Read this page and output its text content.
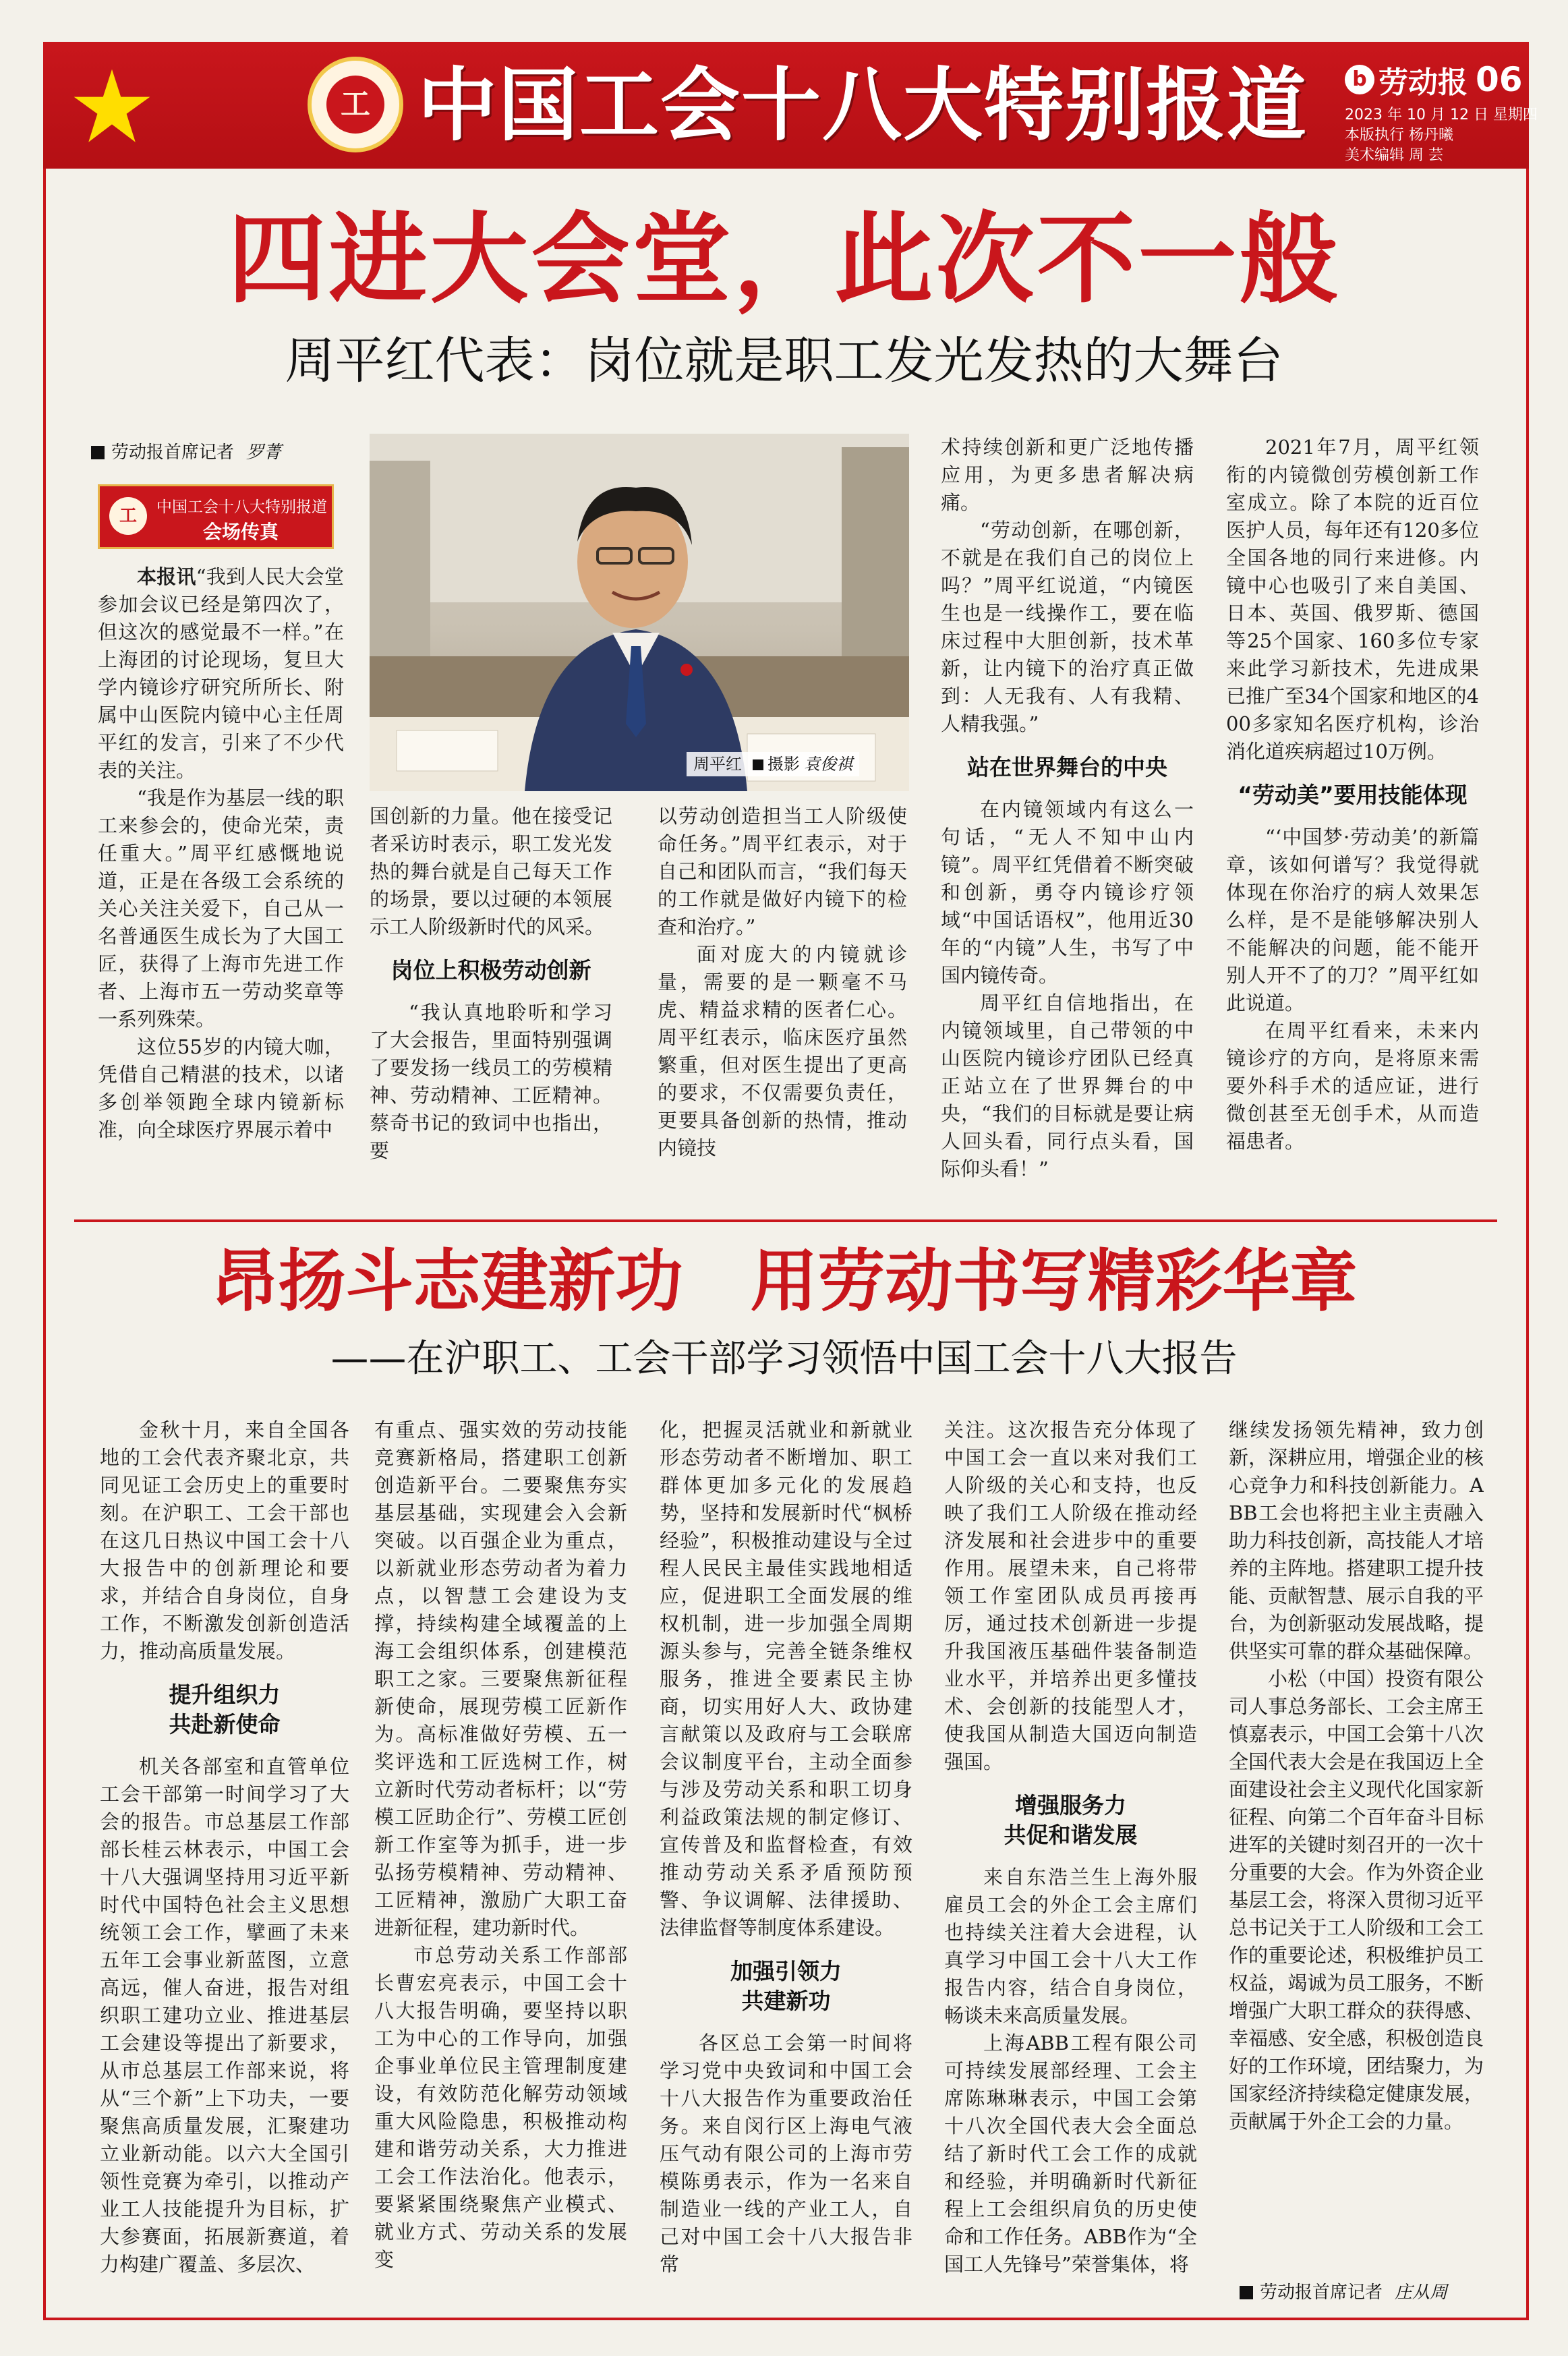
工 中国工会十八大特别报道	b 劳动报 06
2023 年 10 月 12 日 星期四
本版执行 杨丹曦
美术编辑 周 芸
四进大会堂，此次不一般
周平红代表：岗位就是职工发光发热的大舞台
劳动报首席记者 罗菁
工	中国工会十八大特别报道
会场传真

本报讯“我到人民大会堂参加会议已经是第四次了，但这次的感觉最不一样。”在上海团的讨论现场，复旦大学内镜诊疗研究所所长、附属中山医院内镜中心主任周平红的发言，引来了不少代表的关注。

“我是作为基层一线的职工来参会的，使命光荣，责任重大。”周平红感慨地说道，正是在各级工会系统的关心关注关爱下，自己从一名普通医生成长为了大国工匠，获得了上海市先进工作者、上海市五一劳动奖章等一系列殊荣。

这位55岁的内镜大咖，凭借自己精湛的技术，以诸多创举领跑全球内镜新标准，向全球医疗界展示着中

周平红 摄影 袁俊祺

国创新的力量。他在接受记者采访时表示，职工发光发热的舞台就是自己每天工作的场景，要以过硬的本领展示工人阶级新时代的风采。

岗位上积极劳动创新

“我认真地聆听和学习了大会报告，里面特别强调了要发扬一线员工的劳模精神、劳动精神、工匠精神。蔡奇书记的致词中也指出，要

以劳动创造担当工人阶级使命任务。”周平红表示，对于自己和团队而言，“我们每天的工作就是做好内镜下的检查和治疗。”

面对庞大的内镜就诊量，需要的是一颗毫不马虎、精益求精的医者仁心。周平红表示，临床医疗虽然繁重，但对医生提出了更高的要求，不仅需要负责任，更要具备创新的热情，推动内镜技

术持续创新和更广泛地传播应用，为更多患者解决病痛。

“劳动创新，在哪创新，不就是在我们自己的岗位上吗？”周平红说道，“内镜医生也是一线操作工，要在临床过程中大胆创新，技术革新，让内镜下的治疗真正做到：人无我有、人有我精、人精我强。”

站在世界舞台的中央

在内镜领域内有这么一句话，“无人不知中山内镜”。周平红凭借着不断突破和创新，勇夺内镜诊疗领域“中国话语权”，他用近30年的“内镜”人生，书写了中国内镜传奇。

周平红自信地指出，在内镜领域里，自己带领的中山医院内镜诊疗团队已经真正站立在了世界舞台的中央，“我们的目标就是要让病人回头看，同行点头看，国际仰头看！”

2021年7月，周平红领衔的内镜微创劳模创新工作室成立。除了本院的近百位医护人员，每年还有120多位全国各地的同行来进修。内镜中心也吸引了来自美国、日本、英国、俄罗斯、德国等25个国家、160多位专家来此学习新技术，先进成果已推广至34个国家和地区的400多家知名医疗机构，诊治消化道疾病超过10万例。

“劳动美”要用技能体现

“‘中国梦·劳动美’的新篇章，该如何谱写？我觉得就体现在你治疗的病人效果怎么样，是不是能够解决别人不能解决的问题，能不能开别人开不了的刀？”周平红如此说道。

在周平红看来，未来内镜诊疗的方向，是将原来需要外科手术的适应证，进行微创甚至无创手术，从而造福患者。

昂扬斗志建新功　用劳动书写精彩华章
——在沪职工、工会干部学习领悟中国工会十八大报告

金秋十月，来自全国各地的工会代表齐聚北京，共同见证工会历史上的重要时刻。在沪职工、工会干部也在这几日热议中国工会十八大报告中的创新理论和要求，并结合自身岗位，自身工作，不断激发创新创造活力，推动高质量发展。

提升组织力
共赴新使命

机关各部室和直管单位工会干部第一时间学习了大会的报告。市总基层工作部部长桂云林表示，中国工会十八大强调坚持用习近平新时代中国特色社会主义思想统领工会工作，擘画了未来五年工会事业新蓝图，立意高远，催人奋进，报告对组织职工建功立业、推进基层工会建设等提出了新要求，从市总基层工作部来说，将从“三个新”上下功夫，一要聚焦高质量发展，汇聚建功立业新动能。以六大全国引领性竞赛为牵引，以推动产业工人技能提升为目标，扩大参赛面，拓展新赛道，着力构建广覆盖、多层次、

有重点、强实效的劳动技能竞赛新格局，搭建职工创新创造新平台。二要聚焦夯实基层基础，实现建会入会新突破。以百强企业为重点，以新就业形态劳动者为着力点，以智慧工会建设为支撑，持续构建全域覆盖的上海工会组织体系，创建模范职工之家。三要聚焦新征程新使命，展现劳模工匠新作为。高标准做好劳模、五一奖评选和工匠选树工作，树立新时代劳动者标杆；以“劳模工匠助企行”、劳模工匠创新工作室等为抓手，进一步弘扬劳模精神、劳动精神、工匠精神，激励广大职工奋进新征程，建功新时代。

市总劳动关系工作部部长曹宏亮表示，中国工会十八大报告明确，要坚持以职工为中心的工作导向，加强企事业单位民主管理制度建设，有效防范化解劳动领域重大风险隐患，积极推动构建和谐劳动关系，大力推进工会工作法治化。他表示，要紧紧围绕聚焦产业模式、就业方式、劳动关系的发展变

化，把握灵活就业和新就业形态劳动者不断增加、职工群体更加多元化的发展趋势，坚持和发展新时代“枫桥经验”，积极推动建设与全过程人民民主最佳实践地相适应，促进职工全面发展的维权机制，进一步加强全周期源头参与，完善全链条维权服务，推进全要素民主协商，切实用好人大、政协建言献策以及政府与工会联席会议制度平台，主动全面参与涉及劳动关系和职工切身利益政策法规的制定修订、宣传普及和监督检查，有效推动劳动关系矛盾预防预警、争议调解、法律援助、法律监督等制度体系建设。

加强引领力
共建新功

各区总工会第一时间将学习党中央致词和中国工会十八大报告作为重要政治任务。来自闵行区上海电气液压气动有限公司的上海市劳模陈勇表示，作为一名来自制造业一线的产业工人，自己对中国工会十八大报告非常

关注。这次报告充分体现了中国工会一直以来对我们工人阶级的关心和支持，也反映了我们工人阶级在推动经济发展和社会进步中的重要作用。展望未来，自己将带领工作室团队成员再接再厉，通过技术创新进一步提升我国液压基础件装备制造业水平，并培养出更多懂技术、会创新的技能型人才，使我国从制造大国迈向制造强国。

增强服务力
共促和谐发展

来自东浩兰生上海外服雇员工会的外企工会主席们也持续关注着大会进程，认真学习中国工会十八大工作报告内容，结合自身岗位，畅谈未来高质量发展。

上海ABB工程有限公司可持续发展部经理、工会主席陈琳琳表示，中国工会第十八次全国代表大会全面总结了新时代工会工作的成就和经验，并明确新时代新征程上工会组织肩负的历史使命和工作任务。ABB作为“全国工人先锋号”荣誉集体，将

继续发扬领先精神，致力创新，深耕应用，增强企业的核心竞争力和科技创新能力。ABB工会也将把主业主责融入助力科技创新，高技能人才培养的主阵地。搭建职工提升技能、贡献智慧、展示自我的平台，为创新驱动发展战略，提供坚实可靠的群众基础保障。

小松（中国）投资有限公司人事总务部长、工会主席王慎嘉表示，中国工会第十八次全国代表大会是在我国迈上全面建设社会主义现代化国家新征程、向第二个百年奋斗目标进军的关键时刻召开的一次十分重要的大会。作为外资企业基层工会，将深入贯彻习近平总书记关于工人阶级和工会工作的重要论述，积极维护员工权益，竭诚为员工服务，不断增强广大职工群众的获得感、幸福感、安全感，积极创造良好的工作环境，团结聚力，为国家经济持续稳定健康发展，贡献属于外企工会的力量。

劳动报首席记者 庄从周
